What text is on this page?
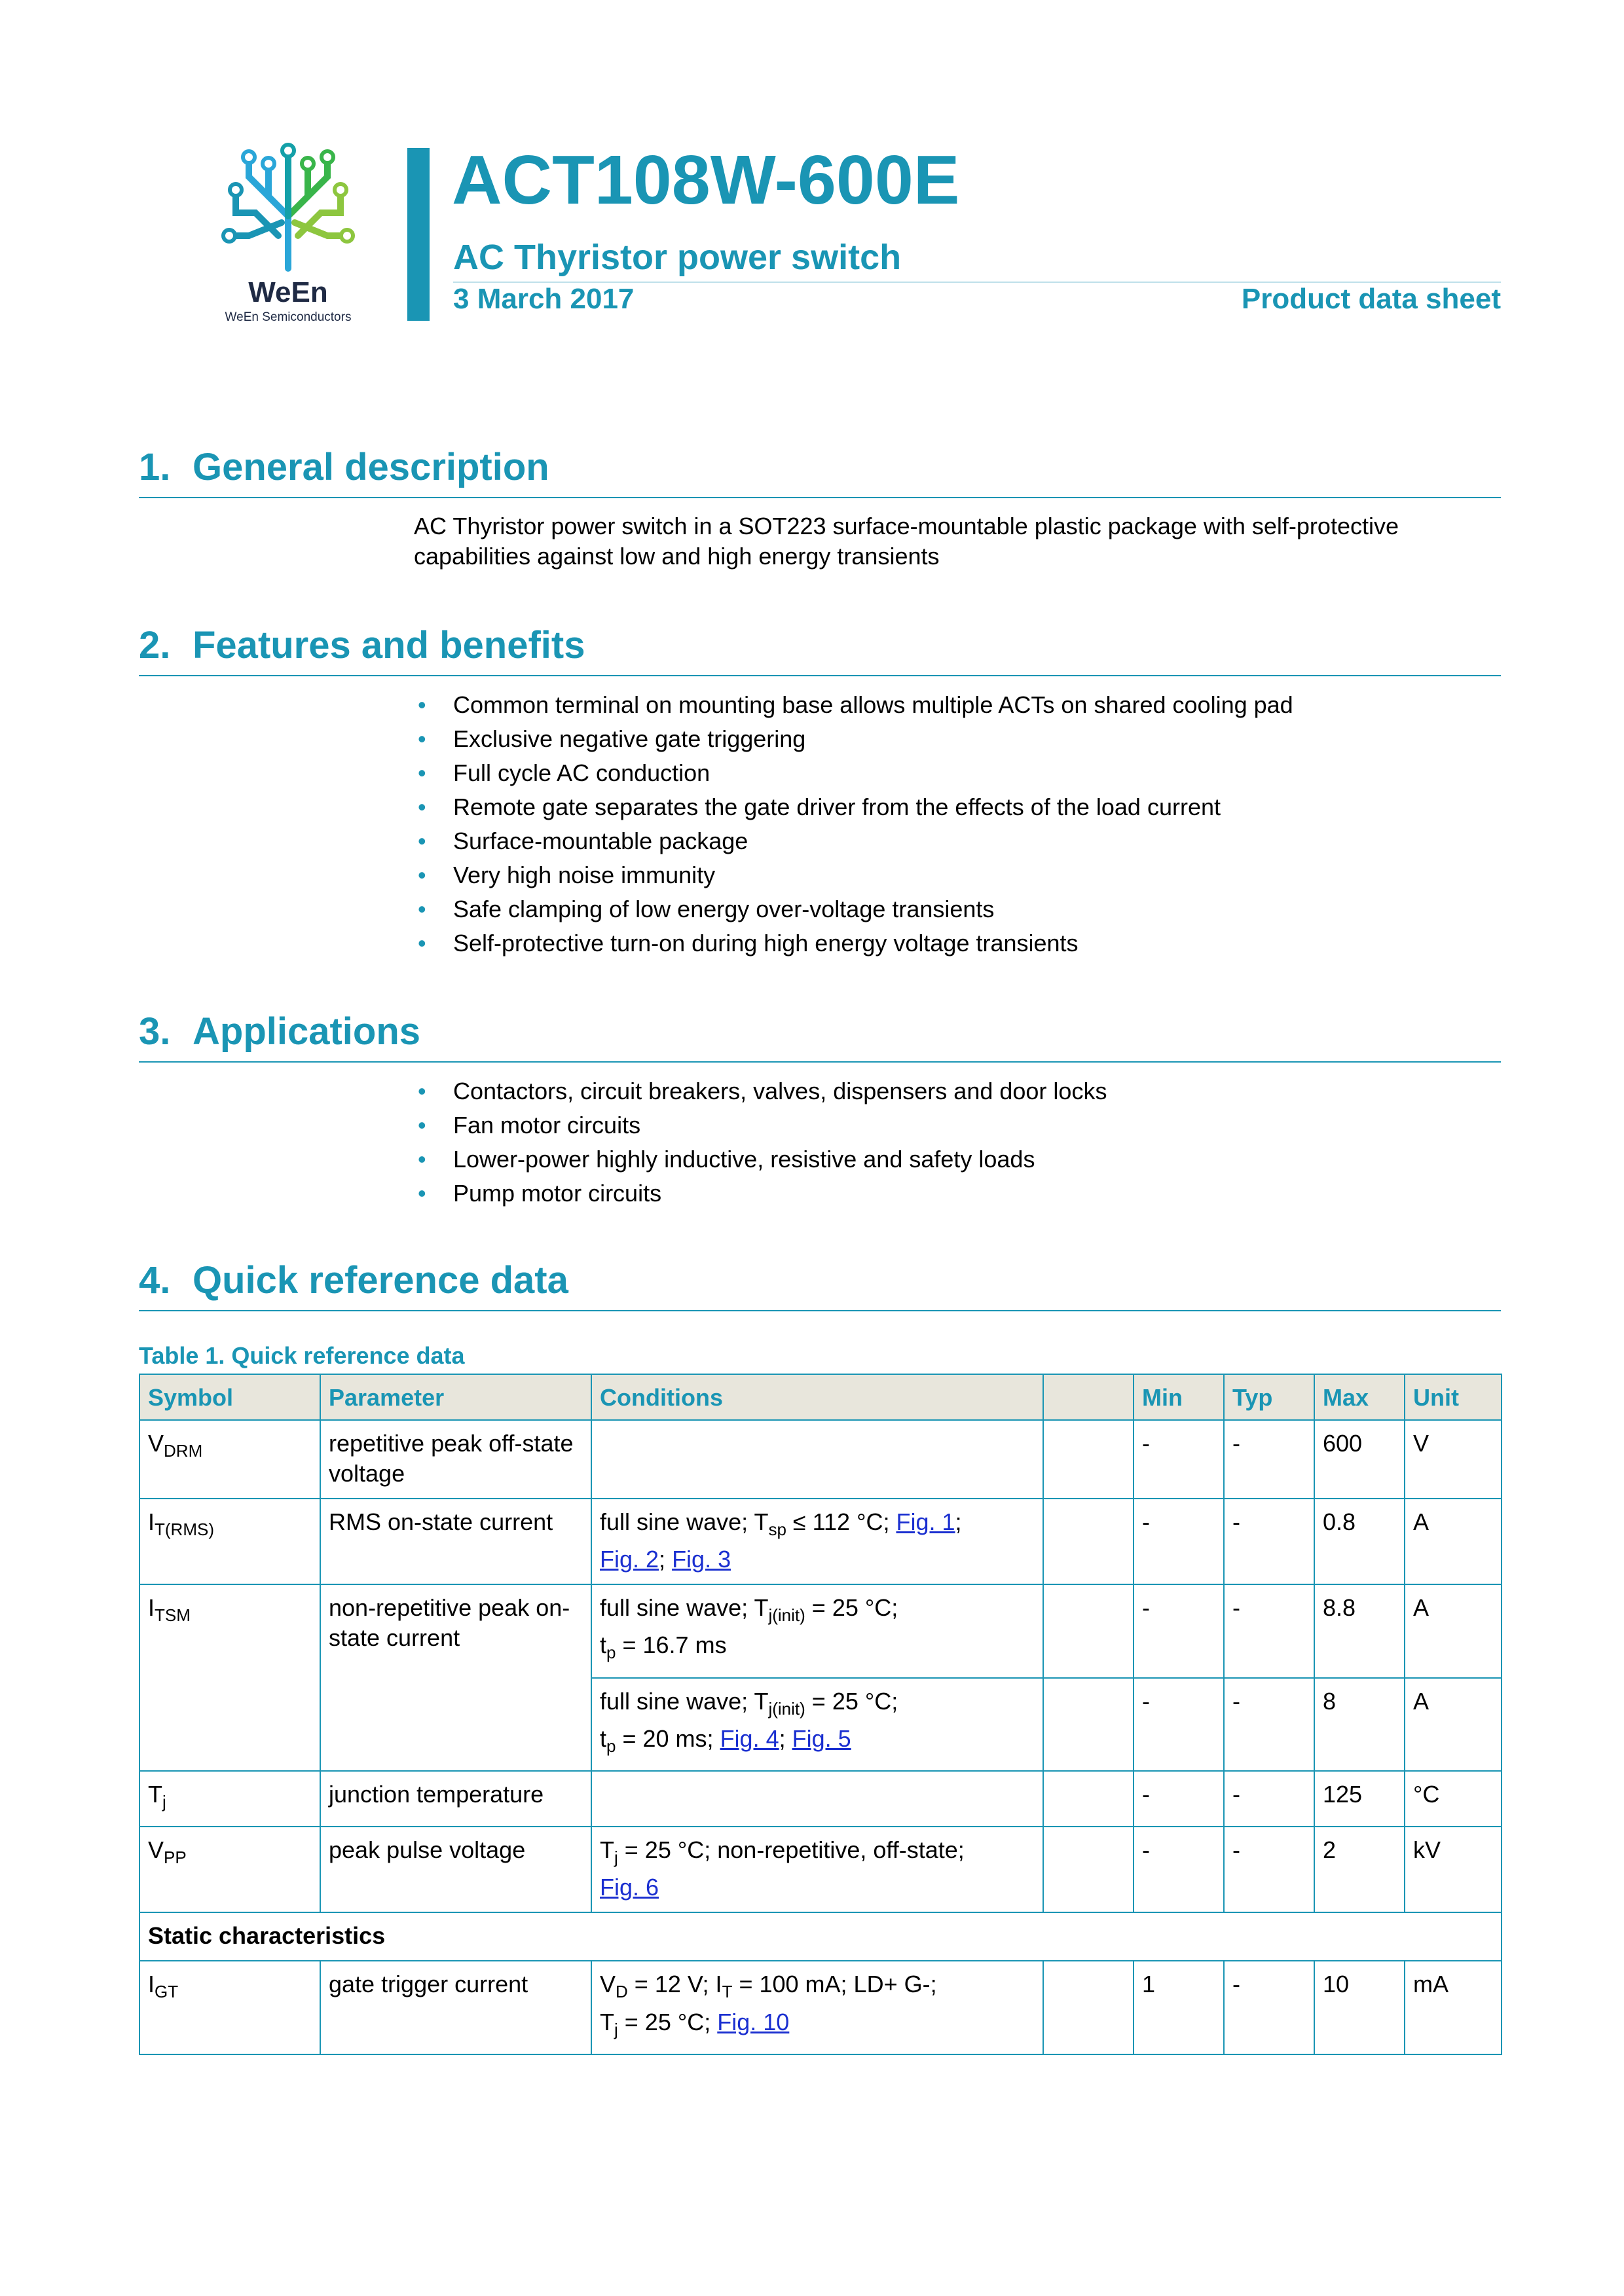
WeEn
WeEn Semiconductors
ACT108W-600E
AC Thyristor power switch
3 March 2017	Product data sheet
1. General description
AC Thyristor power switch in a SOT223 surface-mountable plastic package with self-protective capabilities against low and high energy transients
2. Features and benefits
• Common terminal on mounting base allows multiple ACTs on shared cooling pad
• Exclusive negative gate triggering
• Full cycle AC conduction
• Remote gate separates the gate driver from the effects of the load current
• Surface-mountable package
• Very high noise immunity
• Safe clamping of low energy over-voltage transients
• Self-protective turn-on during high energy voltage transients
3. Applications
• Contactors, circuit breakers, valves, dispensers and door locks
• Fan motor circuits
• Lower-power highly inductive, resistive and safety loads
• Pump motor circuits
4. Quick reference data
Table 1. Quick reference data
Symbol	Parameter	Conditions		Min	Typ	Max	Unit
$V_{DRM}$	repetitive peak off-state voltage			-	-	600	V
$I_{T(RMS)}$	RMS on-state current	full sine wave; $T_{sp} \le 112$ °C; Fig. 1;
Fig. 2; Fig. 3		-	-	0.8	A
$I_{TSM}$	non-repetitive peak on-state current	full sine wave; $T_{j(init)} = 25$ °C;
$t_p = 16.7$ ms		-	-	8.8	A
		full sine wave; $T_{j(init)} = 25$ °C;
$t_p = 20$ ms; Fig. 4; Fig. 5		-	-	8	A
$T_j$	junction temperature			-	-	125	°C
$V_{PP}$	peak pulse voltage	$T_j = 25$ °C; non-repetitive, off-state;
Fig. 6		-	-	2	kV
Static characteristics							
$I_{GT}$	gate trigger current	$V_D = 12$ V; $I_T = 100$ mA; LD+ G-;
$T_j = 25$ °C; Fig. 10		1	-	10	mA
